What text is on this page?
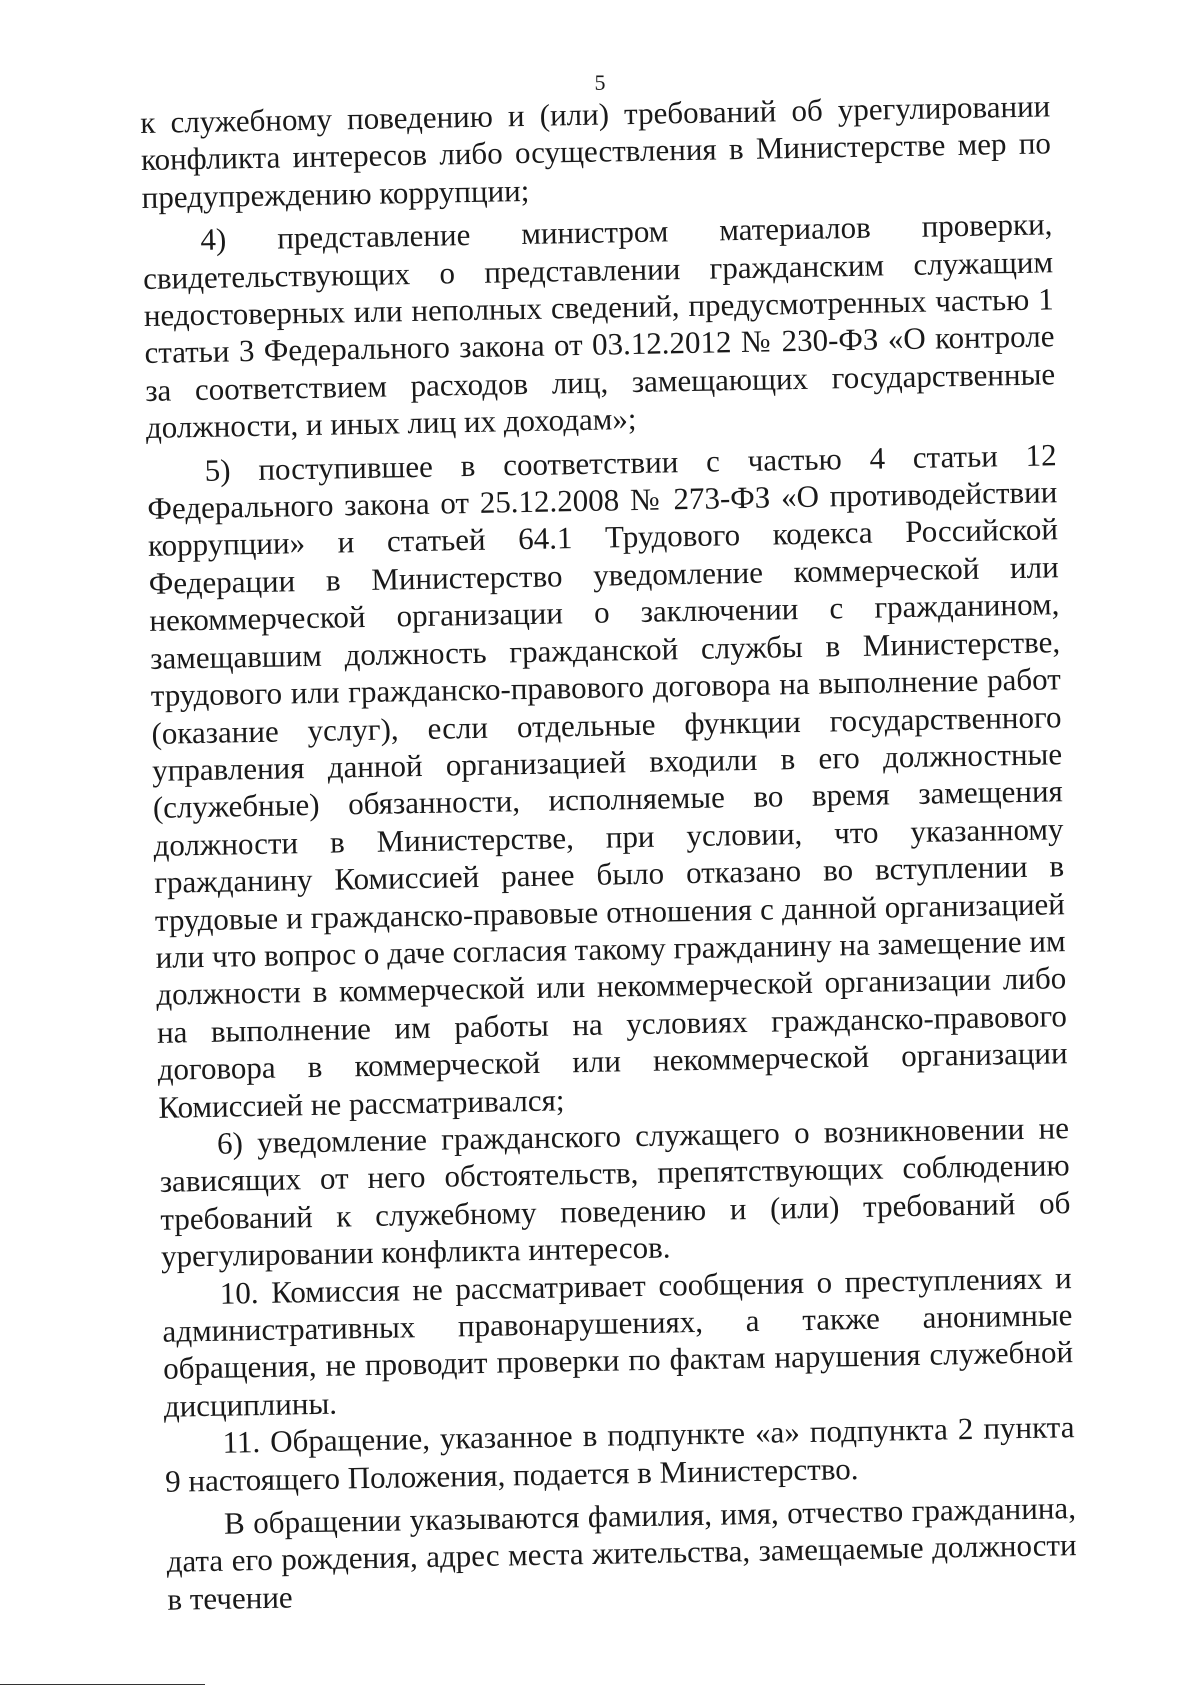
5

к служебному поведению и (или) требований об урегулировании конфликта интересов либо осуществления в Министерстве мер по предупреждению коррупции;

4) представление министром материалов проверки, свидетельствующих о представлении гражданским служащим недостоверных или неполных сведений, предусмотренных частью 1 статьи 3 Федерального закона от 03.12.2012 № 230-ФЗ «О контроле за соответствием расходов лиц, замещающих государственные должности, и иных лиц их доходам»;

5) поступившее в соответствии с частью 4 статьи 12 Федерального закона от 25.12.2008 № 273-ФЗ «О противодействии коррупции» и статьей 64.1 Трудового кодекса Российской Федерации в Министерство уведомление коммерческой или некоммерческой организации о заключении с гражданином, замещавшим должность гражданской службы в Министерстве, трудового или гражданско-правового договора на выполнение работ (оказание услуг), если отдельные функции государственного управления данной организацией входили в его должностные (служебные) обязанности, исполняемые во время замещения должности в Министерстве, при условии, что указанному гражданину Комиссией ранее было отказано во вступлении в трудовые и гражданско-правовые отношения с данной организацией или что вопрос о даче согласия такому гражданину на замещение им должности в коммерческой или некоммерческой организации либо на выполнение им работы на условиях гражданско-правового договора в коммерческой или некоммерческой организации Комиссией не рассматривался;

6) уведомление гражданского служащего о возникновении не зависящих от него обстоятельств, препятствующих соблюдению требований к служебному поведению и (или) требований об урегулировании конфликта интересов.

10. Комиссия не рассматривает сообщения о преступлениях и административных правонарушениях, а также анонимные обращения, не проводит проверки по фактам нарушения служебной дисциплины.

11. Обращение, указанное в подпункте «а» подпункта 2 пункта 9 настоящего Положения, подается в Министерство.

В обращении указываются фамилия, имя, отчество гражданина, дата его рождения, адрес места жительства, замещаемые должности в течение
